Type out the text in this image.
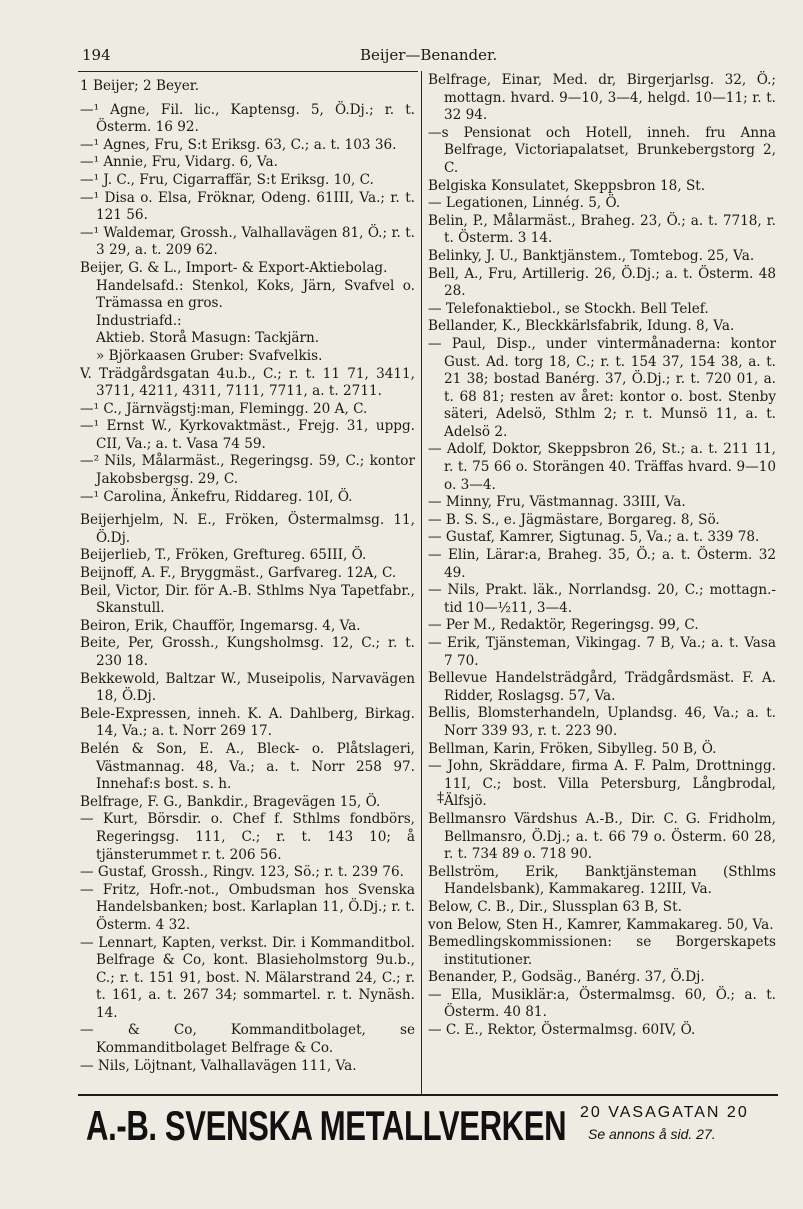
194	Beijer—Benander.

1 Beijer; 2 Beyer.

—¹ Agne, Fil. lic., Kaptensg. 5, Ö.Dj.; r. t. Österm. 16 92.

—¹ Agnes, Fru, S:t Eriksg. 63, C.; a. t. 103 36.

—¹ Annie, Fru, Vidarg. 6, Va.

—¹ J. C., Fru, Cigarraffär, S:t Eriksg. 10, C.

—¹ Disa o. Elsa, Fröknar, Odeng. 61III, Va.; r. t. 121 56.

—¹ Waldemar, Grossh., Valhallavägen 81, Ö.; r. t. 3 29, a. t. 209 62.

Beijer, G. & L., Import- & Export-Aktiebolag.

Handelsafd.: Stenkol, Koks, Järn, Svafvel o. Trämassa en gros.

Industriafd.:

Aktieb. Storå Masugn: Tackjärn.

» Björkaasen Gruber: Svafvelkis.

V. Trädgårdsgatan 4u.b., C.; r. t. 11 71, 3411, 3711, 4211, 4311, 7111, 7711, a. t. 2711.

—¹ C., Järnvägstj:man, Flemingg. 20 A, C.

—¹ Ernst W., Kyrkovaktmäst., Frejg. 31, uppg. CII, Va.; a. t. Vasa 74 59.

—² Nils, Målarmäst., Regeringsg. 59, C.; kontor Jakobsbergsg. 29, C.

—¹ Carolina, Änkefru, Riddareg. 10I, Ö.

Beijerhjelm, N. E., Fröken, Östermalmsg. 11, Ö.Dj.

Beijerlieb, T., Fröken, Greftureg. 65III, Ö.

Beijnoff, A. F., Bryggmäst., Garfvareg. 12A, C.

Beil, Victor, Dir. för A.-B. Sthlms Nya Tapetfabr., Skanstull.

Beiron, Erik, Chaufför, Ingemarsg. 4, Va.

Beite, Per, Grossh., Kungsholmsg. 12, C.; r. t. 230 18.

Bekkewold, Baltzar W., Museipolis, Narvavägen 18, Ö.Dj.

Bele-Expressen, inneh. K. A. Dahlberg, Birkag. 14, Va.; a. t. Norr 269 17.

Belén & Son, E. A., Bleck- o. Plåtslageri, Västmannag. 48, Va.; a. t. Norr 258 97. Innehaf:s bost. s. h.

Belfrage, F. G., Bankdir., Bragevägen 15, Ö.

— Kurt, Börsdir. o. Chef f. Sthlms fondbörs, Regeringsg. 111, C.; r. t. 143 10; å tjänsterummet r. t. 206 56.

— Gustaf, Grossh., Ringv. 123, Sö.; r. t. 239 76.

— Fritz, Hofr.-not., Ombudsman hos Svenska Handelsbanken; bost. Karlaplan 11, Ö.Dj.; r. t. Österm. 4 32.

— Lennart, Kapten, verkst. Dir. i Kommanditbol. Belfrage & Co, kont. Blasieholmstorg 9u.b., C.; r. t. 151 91, bost. N. Mälarstrand 24, C.; r. t. 161, a. t. 267 34; sommartel. r. t. Nynäsh. 14.

— & Co, Kommanditbolaget, se Kommanditbolaget Belfrage & Co.

— Nils, Löjtnant, Valhallavägen 111, Va.

Belfrage, Einar, Med. dr, Birgerjarlsg. 32, Ö.; mottagn. hvard. 9—10, 3—4, helgd. 10—11; r. t. 32 94.

—s Pensionat och Hotell, inneh. fru Anna Belfrage, Victoriapalatset, Brunkebergstorg 2, C.

Belgiska Konsulatet, Skeppsbron 18, St.

— Legationen, Linnég. 5, Ö.

Belin, P., Målarmäst., Braheg. 23, Ö.; a. t. 7718, r. t. Österm. 3 14.

Belinky, J. U., Banktjänstem., Tomtebog. 25, Va.

Bell, A., Fru, Artillerig. 26, Ö.Dj.; a. t. Österm. 48 28.

— Telefonaktiebol., se Stockh. Bell Telef.

Bellander, K., Bleckkärlsfabrik, Idung. 8, Va.

— Paul, Disp., under vintermånaderna: kontor Gust. Ad. torg 18, C.; r. t. 154 37, 154 38, a. t. 21 38; bostad Banérg. 37, Ö.Dj.; r. t. 720 01, a. t. 68 81; resten av året: kontor o. bost. Stenby säteri, Adelsö, Sthlm 2; r. t. Munsö 11, a. t. Adelsö 2.

— Adolf, Doktor, Skeppsbron 26, St.; a. t. 211 11, r. t. 75 66 o. Storängen 40. Träffas hvard. 9—10 o. 3—4.

— Minny, Fru, Västmannag. 33III, Va.

— B. S. S., e. Jägmästare, Borgareg. 8, Sö.

— Gustaf, Kamrer, Sigtunag. 5, Va.; a. t. 339 78.

— Elin, Lärar:a, Braheg. 35, Ö.; a. t. Österm. 32 49.

— Nils, Prakt. läk., Norrlandsg. 20, C.; mottagn.-tid 10—½11, 3—4.

— Per M., Redaktör, Regeringsg. 99, C.

— Erik, Tjänsteman, Vikingag. 7 B, Va.; a. t. Vasa 7 70.

Bellevue Handelsträdgård, Trädgårdsmäst. F. A. Ridder, Roslagsg. 57, Va.

Bellis, Blomsterhandeln, Uplandsg. 46, Va.; a. t. Norr 339 93, r. t. 223 90.

Bellman, Karin, Fröken, Sibylleg. 50 B, Ö.

— John, Skräddare, firma A. F. Palm, Drottningg. 11I, C.; bost. Villa Petersburg, Långbrodal, Älfsjö.

Bellmansro Värdshus A.-B., Dir. C. G. Fridholm, Bellmansro, Ö.Dj.; a. t. 66 79 o. Österm. 60 28, r. t. 734 89 o. 718 90.

Bellström, Erik, Banktjänsteman (Sthlms Handelsbank), Kammakareg. 12III, Va.

Below, C. B., Dir., Slussplan 63 B, St.

von Below, Sten H., Kamrer, Kammakareg. 50, Va.

Bemedlingskommissionen: se Borgerskapets institutioner.

Benander, P., Godsäg., Banérg. 37, Ö.Dj.

— Ella, Musiklär:a, Östermalmsg. 60, Ö.; a. t. Österm. 40 81.

— C. E., Rektor, Östermalmsg. 60IV, Ö.

‡
A.-B. SVENSKA METALLVERKEN 20 VASAGATAN 20
Se annons å sid. 27.
